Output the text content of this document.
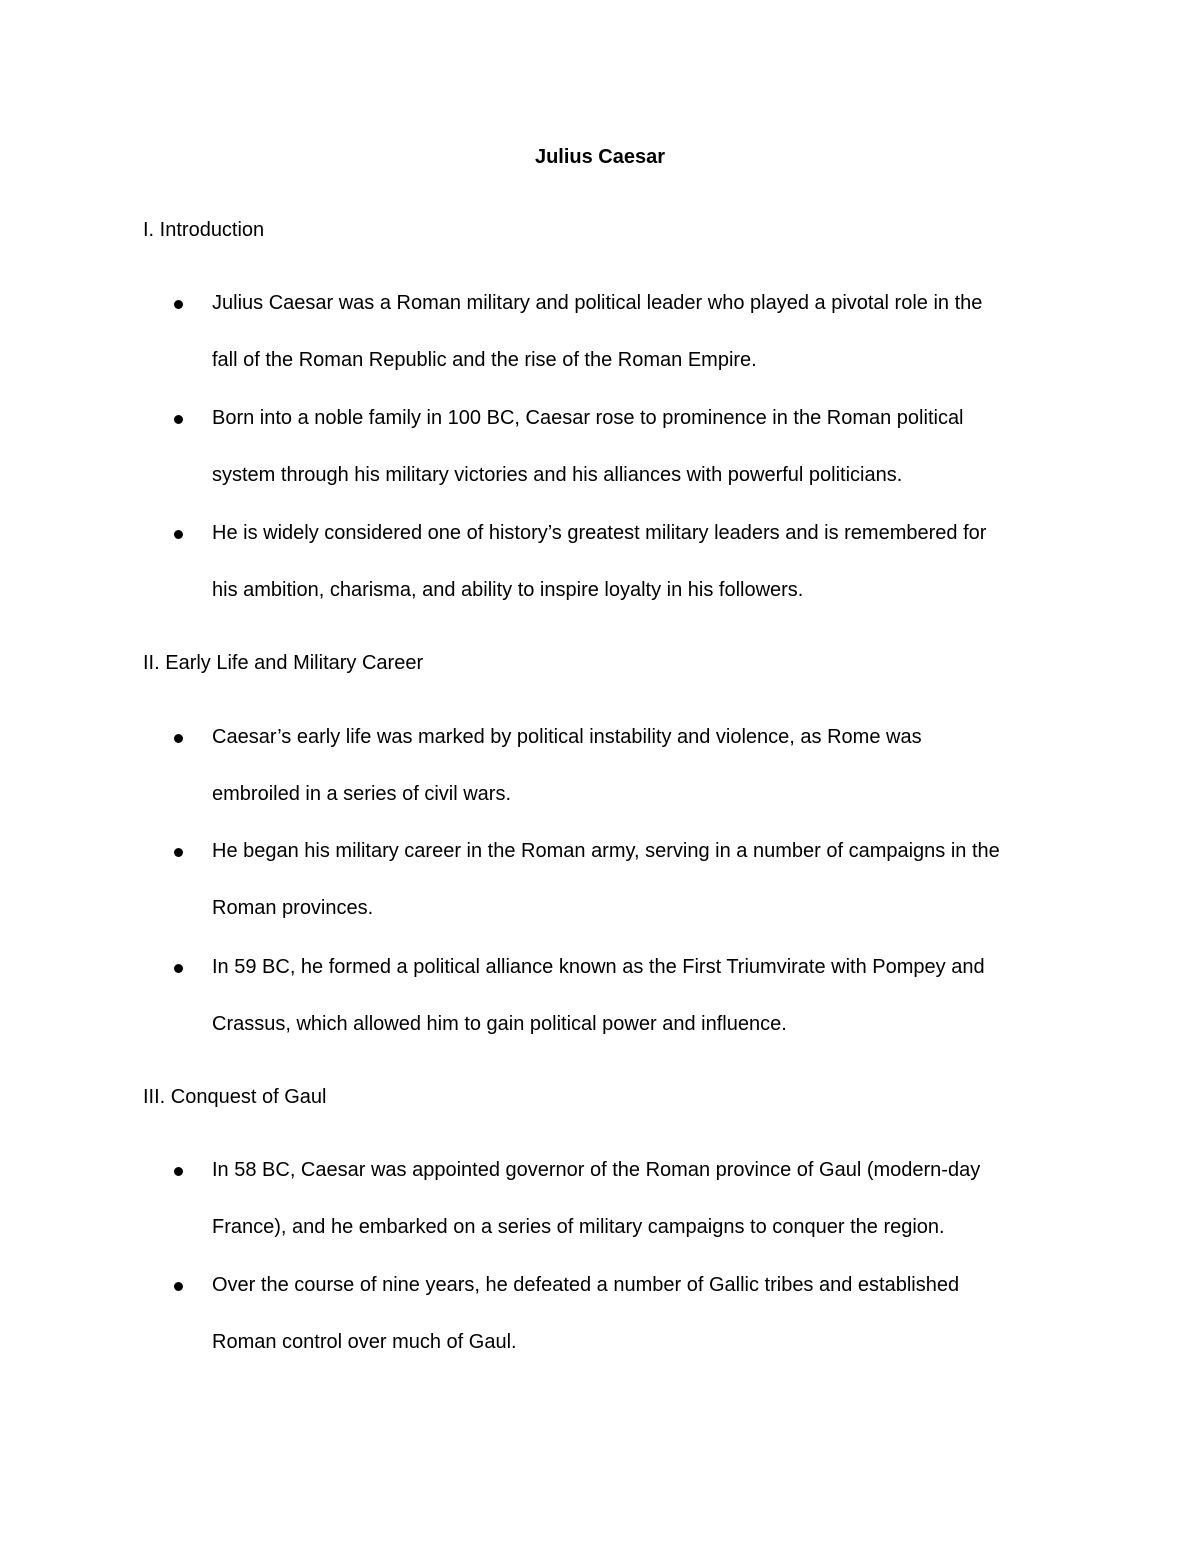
Julius Caesar

I. Introduction

Julius Caesar was a Roman military and political leader who played a pivotal role in the
fall of the Roman Republic and the rise of the Roman Empire.

Born into a noble family in 100 BC, Caesar rose to prominence in the Roman political
system through his military victories and his alliances with powerful politicians.

He is widely considered one of history’s greatest military leaders and is remembered for
his ambition, charisma, and ability to inspire loyalty in his followers.

II. Early Life and Military Career

Caesar’s early life was marked by political instability and violence, as Rome was
embroiled in a series of civil wars.

He began his military career in the Roman army, serving in a number of campaigns in the
Roman provinces.

In 59 BC, he formed a political alliance known as the First Triumvirate with Pompey and
Crassus, which allowed him to gain political power and influence.

III. Conquest of Gaul

In 58 BC, Caesar was appointed governor of the Roman province of Gaul (modern-day
France), and he embarked on a series of military campaigns to conquer the region.

Over the course of nine years, he defeated a number of Gallic tribes and established
Roman control over much of Gaul.
